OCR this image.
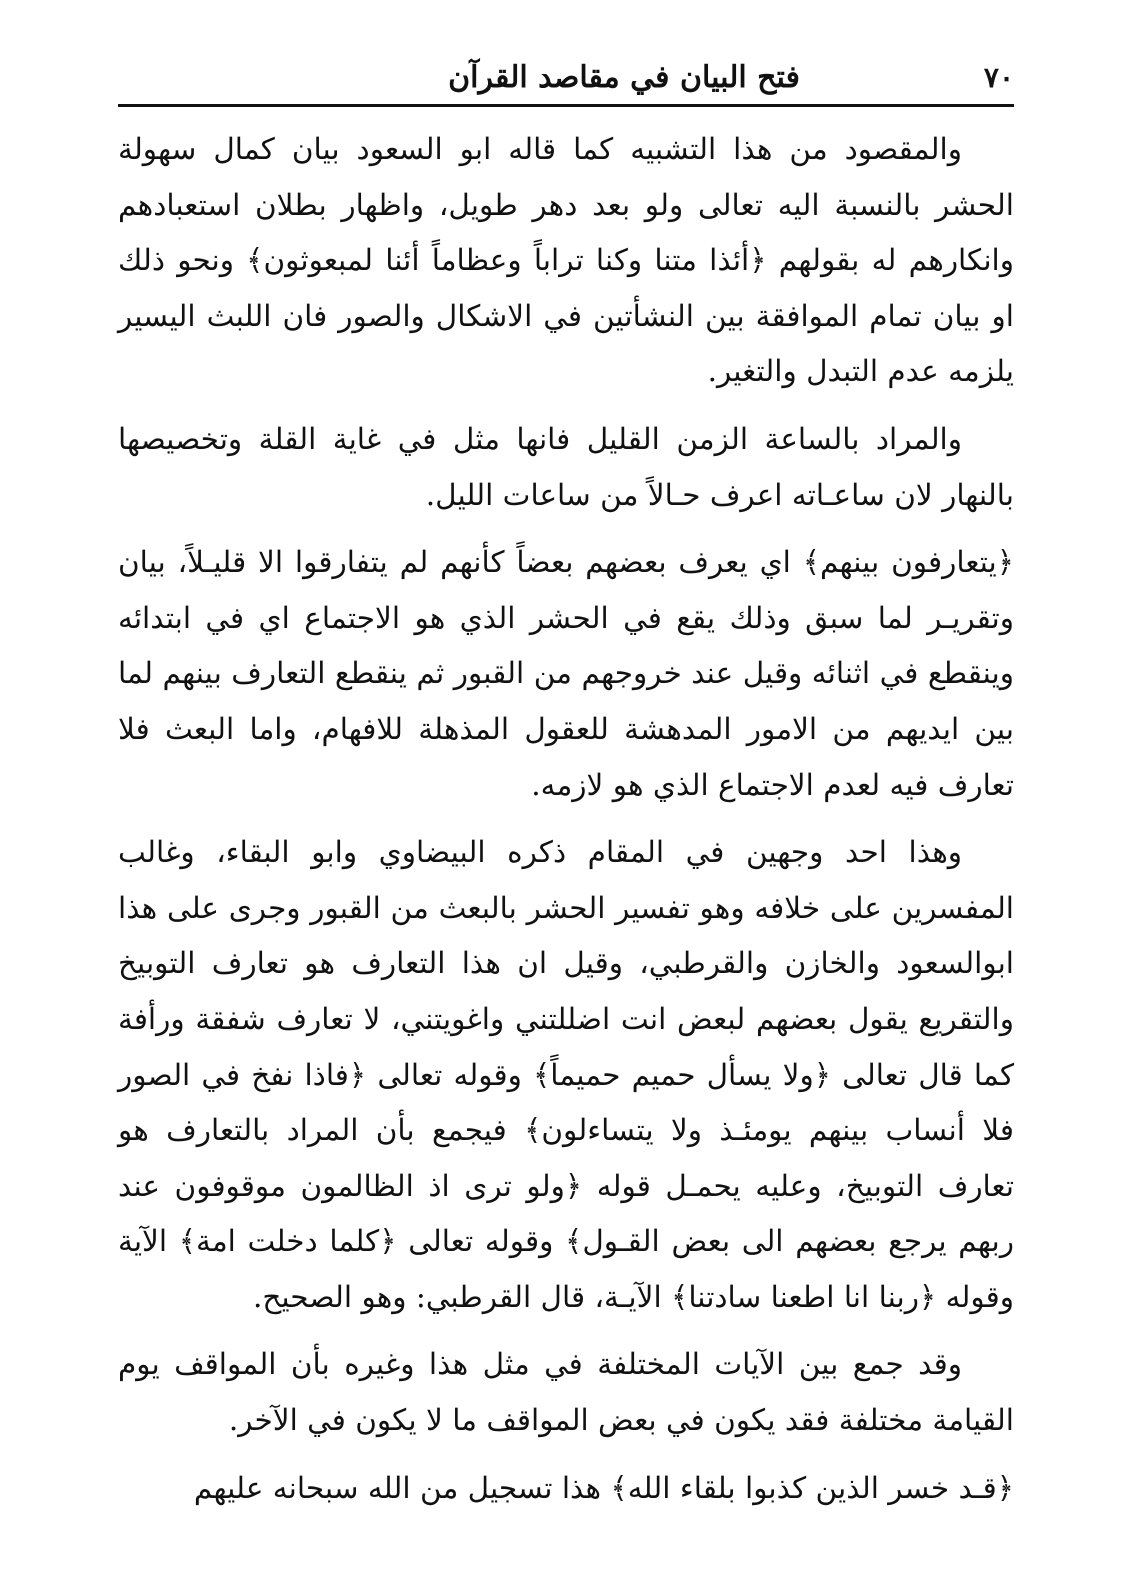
٧٠
فتح البيان في مقاصد القرآن

والمقصود من هذا التشبيه كما قاله ابو السعود بيان كمال سهولة الحشر بالنسبة اليه تعالى ولو بعد دهر طويل، واظهار بطلان استعبادهم وانكارهم له بقولهم ﴿أئذا متنا وكنا تراباً وعظاماً أئنا لمبعوثون﴾ ونحو ذلك او بيان تمام الموافقة بين النشأتين في الاشكال والصور فان اللبث اليسير يلزمه عدم التبدل والتغير.

والمراد بالساعة الزمن القليل فانها مثل في غاية القلة وتخصيصها بالنهار لان ساعـاته اعرف حـالاً من ساعات الليل.

﴿يتعارفون بينهم﴾ اي يعرف بعضهم بعضاً كأنهم لم يتفارقوا الا قليـلاً، بيان وتقريـر لما سبق وذلك يقع في الحشر الذي هو الاجتماع اي في ابتدائه وينقطع في اثنائه وقيل عند خروجهم من القبور ثم ينقطع التعارف بينهم لما بين ايديهم من الامور المدهشة للعقول المذهلة للافهام، واما البعث فلا تعارف فيه لعدم الاجتماع الذي هو لازمه.

وهذا احد وجهين في المقام ذكره البيضاوي وابو البقاء، وغالب المفسرين على خلافه وهو تفسير الحشر بالبعث من القبور وجرى على هذا ابوالسعود والخازن والقرطبي، وقيل ان هذا التعارف هو تعارف التوبيخ والتقريع يقول بعضهم لبعض انت اضللتني واغويتني، لا تعارف شفقة ورأفة كما قال تعالى ﴿ولا يسأل حميم حميماً﴾ وقوله تعالى ﴿فاذا نفخ في الصور فلا أنساب بينهم يومئـذ ولا يتساءلون﴾ فيجمع بأن المراد بالتعارف هو تعارف التوبيخ، وعليه يحمـل قوله ﴿ولو ترى اذ الظالمون موقوفون عند ربهم يرجع بعضهم الى بعض القـول﴾ وقوله تعالى ﴿كلما دخلت امة﴾ الآية وقوله ﴿ربنا انا اطعنا سادتنا﴾ الآيـة، قال القرطبي: وهو الصحيح.

وقد جمع بين الآيات المختلفة في مثل هذا وغيره بأن المواقف يوم القيامة مختلفة فقد يكون في بعض المواقف ما لا يكون في الآخر.

﴿قـد خسر الذين كذبوا بلقاء الله﴾ هذا تسجيل من الله سبحانه عليهم
